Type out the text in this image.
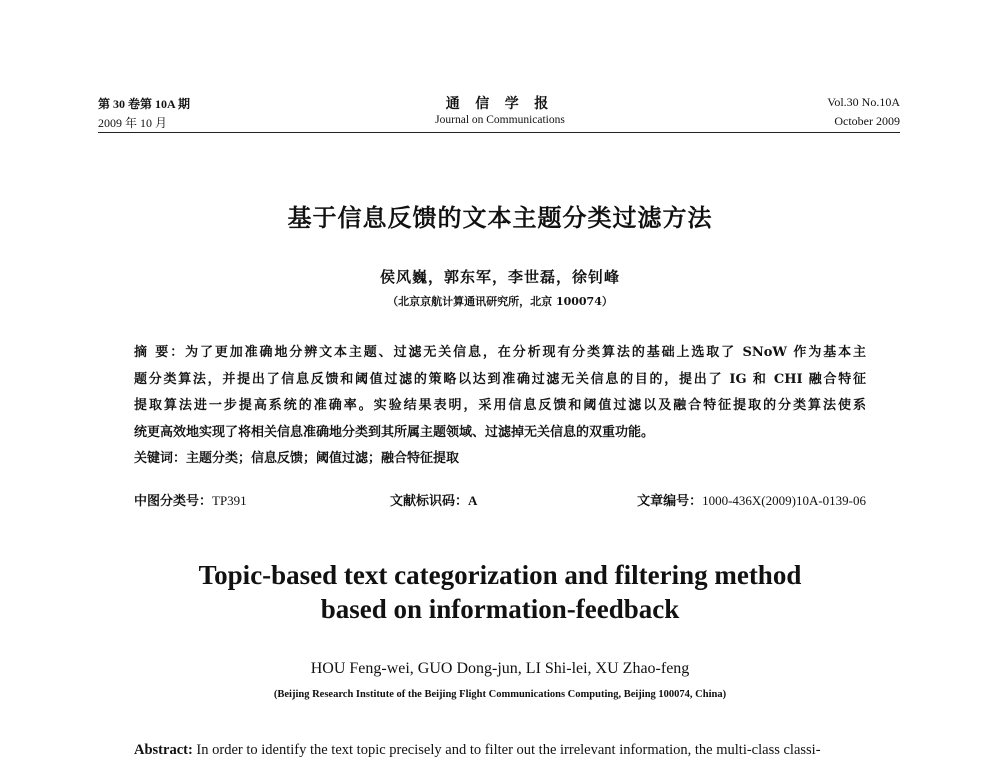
第 30 卷第 10A 期
2009 年 10 月
通 信 学 报
Journal on Communications
Vol.30 No.10A
October 2009
基于信息反馈的文本主题分类过滤方法
侯风巍，郭东军，李世磊，徐钊峰
（北京京航计算通讯研究所，北京 100074）
摘 要：为了更加准确地分辨文本主题、过滤无关信息，在分析现有分类算法的基础上选取了 SNoW 作为基本主
题分类算法，并提出了信息反馈和阈值过滤的策略以达到准确过滤无关信息的目的，提出了 IG 和 CHI 融合特征
提取算法进一步提高系统的准确率。实验结果表明，采用信息反馈和阈值过滤以及融合特征提取的分类算法使系
统更高效地实现了将相关信息准确地分类到其所属主题领域、过滤掉无关信息的双重功能。
关键词：主题分类；信息反馈；阈值过滤；融合特征提取
中图分类号：TP391	文献标识码：A	文章编号：1000-436X(2009)10A-0139-06
Topic-based text categorization and filtering method
based on information-feedback
HOU Feng-wei, GUO Dong-jun, LI Shi-lei, XU Zhao-feng
(Beijing Research Institute of the Beijing Flight Communications Computing, Beijing 100074, China)
Abstract: In order to identify the text topic precisely and to filter out the irrelevant information, the multi-class classi-
